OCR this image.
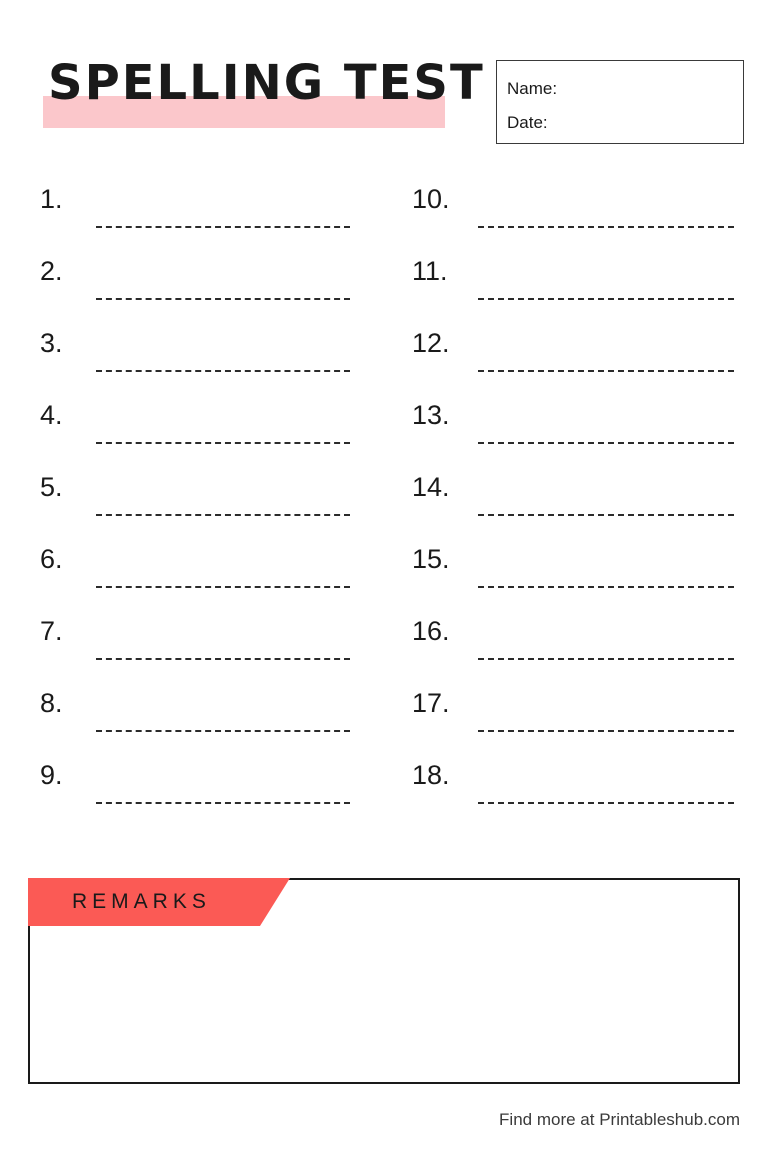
SPELLING TEST Name:
Date:
1.
2.
3.
4.
5.
6.
7.
8.
9.
10.
11.
12.
13.
14.
15.
16.
17.
18.
REMARKS
Find more at Printableshub.com
